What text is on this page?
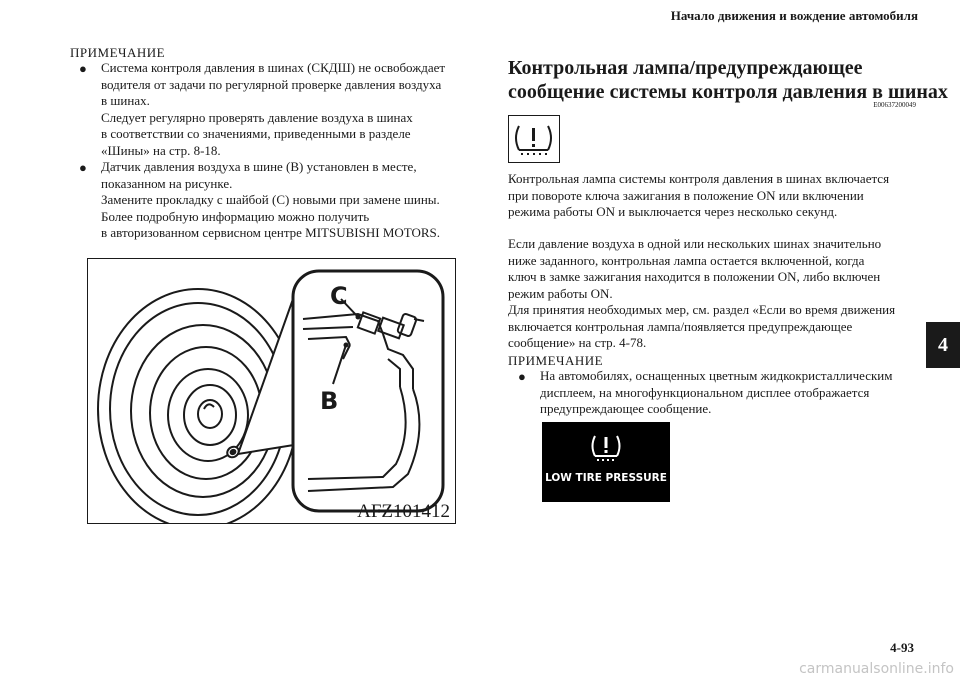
Начало движения и вождение автомобиля
4
ПРИМЕЧАНИЕ
● Система контроля давления в шинах (СКДШ) не освобождает
водителя от задачи по регулярной проверке давления воздуха
в шинах.
Следует регулярно проверять давление воздуха в шинах
в соответствии со значениями, приведенными в разделе
«Шины» на стр. 8-18.
● Датчик давления воздуха в шине (B) установлен в месте,
показанном на рисунке.
Замените прокладку с шайбой (C) новыми при замене шины.
Более подробную информацию можно получить
в авторизованном сервисном центре MITSUBISHI MOTORS.
C
B
AFZ101412
Контрольная лампа/предупреждающее
сообщение системы контроля давления в шинах
E00637200049
Контрольная лампа системы контроля давления в шинах включается
при повороте ключа зажигания в положение ON или включении
режима работы ON и выключается через несколько секунд.
Если давление воздуха в одной или нескольких шинах значительно
ниже заданного, контрольная лампа остается включенной, когда
ключ в замке зажигания находится в положении ON, либо включен
режим работы ON.
Для принятия необходимых мер, см. раздел «Если во время движения
включается контрольная лампа/появляется предупреждающее
сообщение» на стр. 4-78.
ПРИМЕЧАНИЕ
● На автомобилях, оснащенных цветным жидкокристаллическим
дисплеем, на многофункциональном дисплее отображается
предупреждающее сообщение.
LOW TIRE PRESSURE
4-93
carmanualsonline.info
